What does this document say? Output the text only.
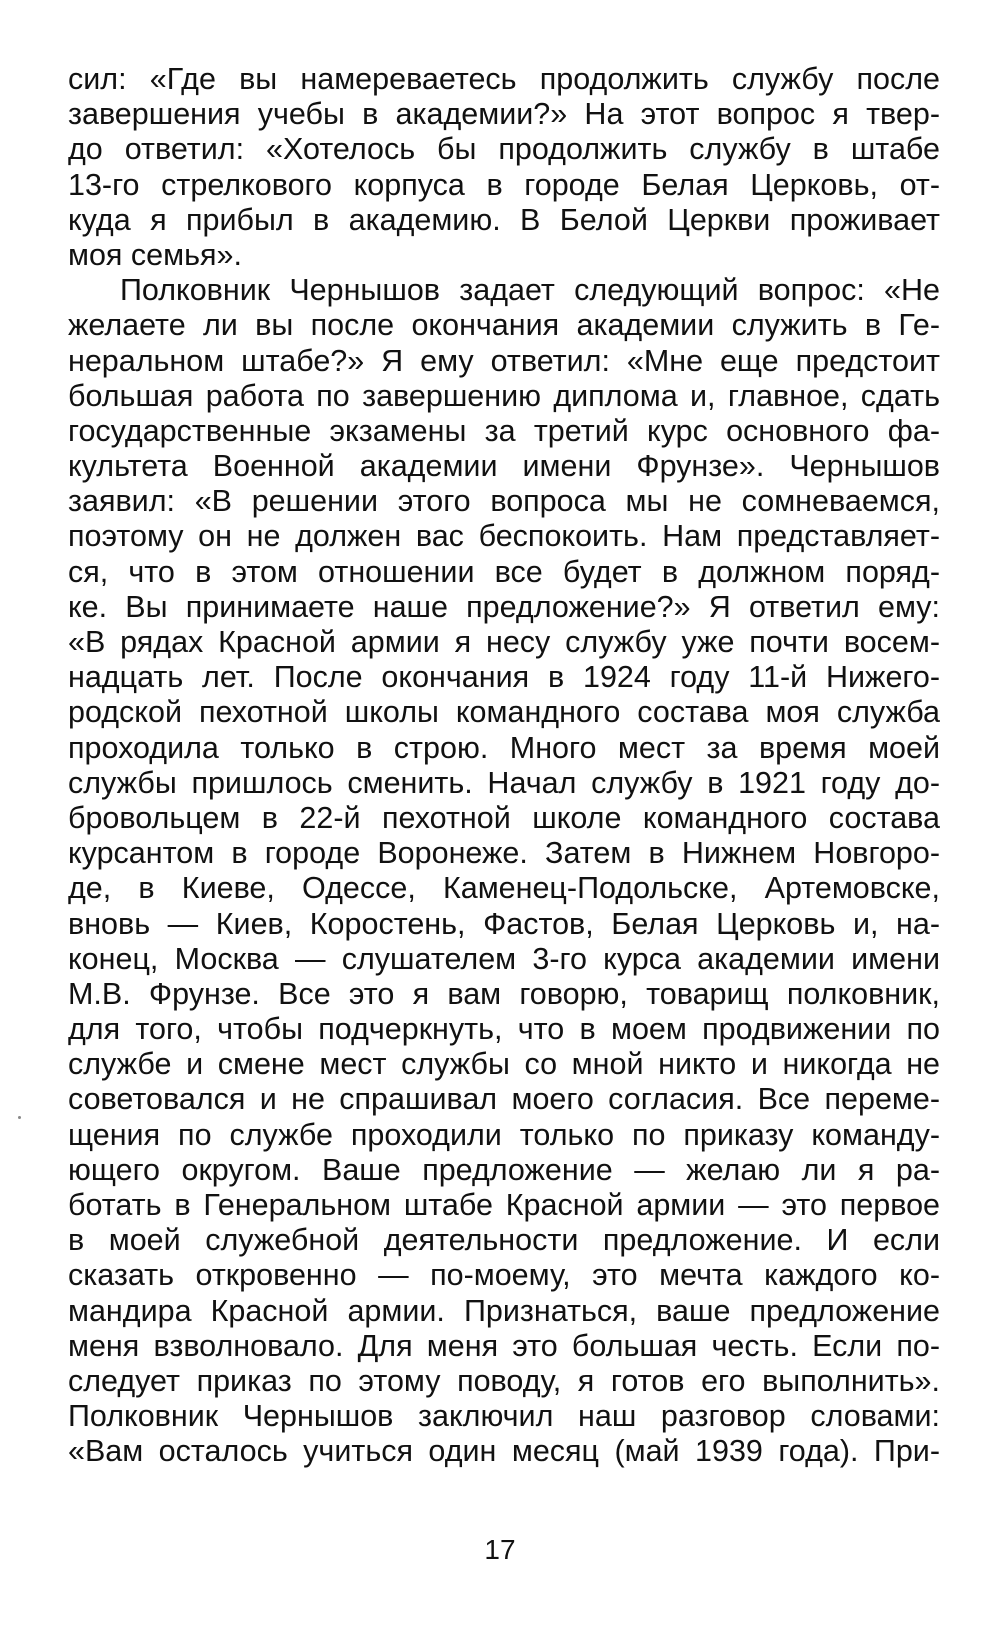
сил: «Где вы намереваетесь продолжить службу после
завершения учебы в академии?» На этот вопрос я твер-
до ответил: «Хотелось бы продолжить службу в штабе
13-го стрелкового корпуса в городе Белая Церковь, от-
куда я прибыл в академию. В Белой Церкви проживает
моя семья».
Полковник Чернышов задает следующий вопрос: «Не
желаете ли вы после окончания академии служить в Ге-
неральном штабе?» Я ему ответил: «Мне еще предстоит
большая работа по завершению диплома и, главное, сдать
государственные экзамены за третий курс основного фа-
культета Военной академии имени Фрунзе». Чернышов
заявил: «В решении этого вопроса мы не сомневаемся,
поэтому он не должен вас беспокоить. Нам представляет-
ся, что в этом отношении все будет в должном поряд-
ке. Вы принимаете наше предложение?» Я ответил ему:
«В рядах Красной армии я несу службу уже почти восем-
надцать лет. После окончания в 1924 году 11-й Нижего-
родской пехотной школы командного состава моя служба
проходила только в строю. Много мест за время моей
службы пришлось сменить. Начал службу в 1921 году до-
бровольцем в 22-й пехотной школе командного состава
курсантом в городе Воронеже. Затем в Нижнем Новгоро-
де, в Киеве, Одессе, Каменец-Подольске, Артемовске,
вновь — Киев, Коростень, Фастов, Белая Церковь и, на-
конец, Москва — слушателем 3-го курса академии имени
М.В. Фрунзе. Все это я вам говорю, товарищ полковник,
для того, чтобы подчеркнуть, что в моем продвижении по
службе и смене мест службы со мной никто и никогда не
советовался и не спрашивал моего согласия. Все переме-
щения по службе проходили только по приказу команду-
ющего округом. Ваше предложение — желаю ли я ра-
ботать в Генеральном штабе Красной армии — это первое
в моей служебной деятельности предложение. И если
сказать откровенно — по-моему, это мечта каждого ко-
мандира Красной армии. Признаться, ваше предложение
меня взволновало. Для меня это большая честь. Если по-
следует приказ по этому поводу, я готов его выполнить».
Полковник Чернышов заключил наш разговор словами:
«Вам осталось учиться один месяц (май 1939 года). При-
17
